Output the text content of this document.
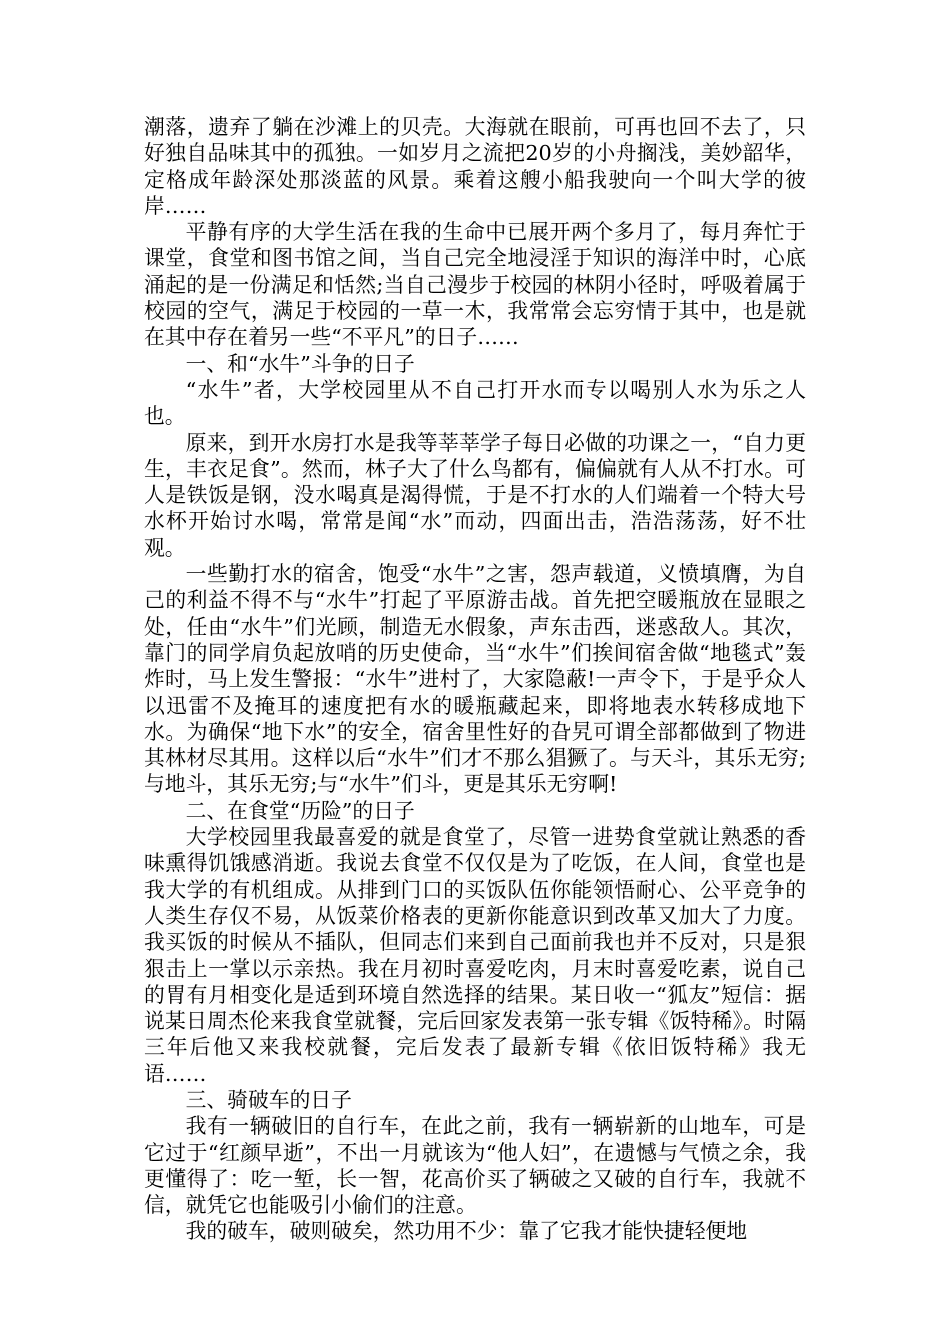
潮落，遗弃了躺在沙滩上的贝壳。大海就在眼前，可再也回不去了，只好独自品味其中的孤独。一如岁月之流把20岁的小舟搁浅，美妙韶华，定格成年龄深处那淡蓝的风景。乘着这艘小船我驶向一个叫大学的彼岸……

平静有序的大学生活在我的生命中已展开两个多月了，每月奔忙于课堂，食堂和图书馆之间，当自己完全地浸淫于知识的海洋中时，心底涌起的是一份满足和恬然;当自己漫步于校园的林阴小径时，呼吸着属于校园的空气，满足于校园的一草一木，我常常会忘穷情于其中，也是就在其中存在着另一些“不平凡”的日子……

一、和“水牛”斗争的日子

“水牛”者，大学校园里从不自己打开水而专以喝别人水为乐之人也。

原来，到开水房打水是我等莘莘学子每日必做的功课之一，“自力更生，丰衣足食”。然而，林子大了什么鸟都有，偏偏就有人从不打水。可人是铁饭是钢，没水喝真是渴得慌，于是不打水的人们端着一个特大号水杯开始讨水喝，常常是闻“水”而动，四面出击，浩浩荡荡，好不壮观。

一些勤打水的宿舍，饱受“水牛”之害，怨声载道，义愤填膺，为自己的利益不得不与“水牛”打起了平原游击战。首先把空暖瓶放在显眼之处，任由“水牛”们光顾，制造无水假象，声东击西，迷惑敌人。其次，靠门的同学肩负起放哨的历史使命，当“水牛”们挨间宿舍做“地毯式”轰炸时，马上发生警报：“水牛”进村了，大家隐蔽!一声令下，于是乎众人以迅雷不及掩耳的速度把有水的暖瓶藏起来，即将地表水转移成地下水。为确保“地下水”的安全，宿舍里性好的旮旯可谓全部都做到了物进其林材尽其用。这样以后“水牛”们才不那么猖獗了。与天斗，其乐无穷;与地斗，其乐无穷;与“水牛”们斗，更是其乐无穷啊!

二、在食堂“历险”的日子

大学校园里我最喜爱的就是食堂了，尽管一进势食堂就让熟悉的香味熏得饥饿感消逝。我说去食堂不仅仅是为了吃饭，在人间，食堂也是我大学的有机组成。从排到门口的买饭队伍你能领悟耐心、公平竞争的人类生存仅不易，从饭菜价格表的更新你能意识到改革又加大了力度。我买饭的时候从不插队，但同志们来到自己面前我也并不反对，只是狠狠击上一掌以示亲热。我在月初时喜爱吃肉，月末时喜爱吃素，说自己的胃有月相变化是适到环境自然选择的结果。某日收一“狐友”短信：据说某日周杰伦来我食堂就餐，完后回家发表第一张专辑《饭特稀》。时隔三年后他又来我校就餐，完后发表了最新专辑《依旧饭特稀》我无语……

三、骑破车的日子

我有一辆破旧的自行车，在此之前，我有一辆崭新的山地车，可是它过于“红颜早逝”，不出一月就该为“他人妇”，在遗憾与气愤之余，我更懂得了：吃一堑，长一智，花高价买了辆破之又破的自行车，我就不信，就凭它也能吸引小偷们的注意。

我的破车，破则破矣，然功用不少：靠了它我才能快捷轻便地
